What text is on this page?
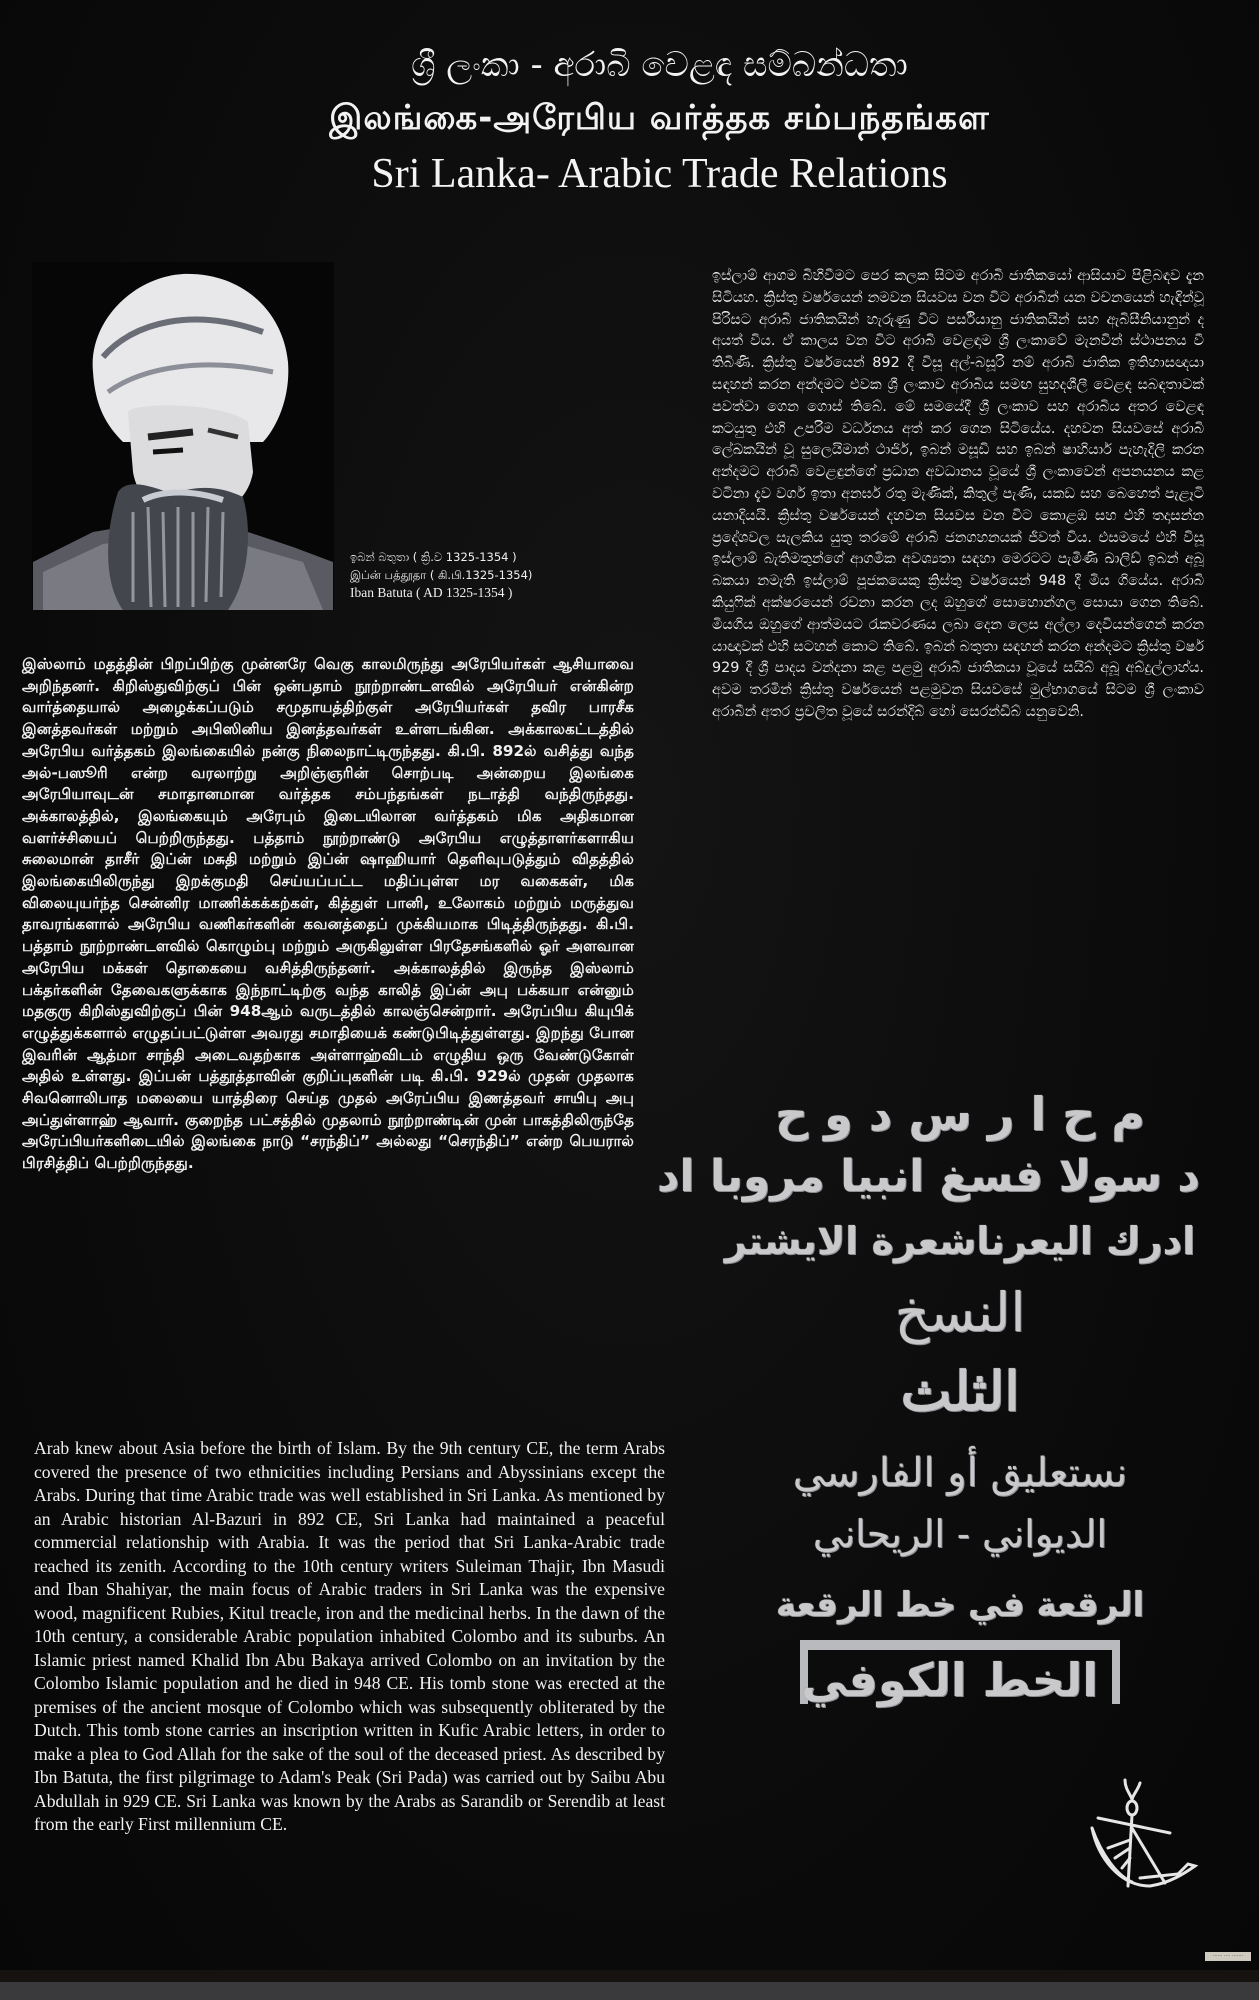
ශ්‍රී ලංකා - අරාබි වෙළඳ සම්බන්ධතා
இலங்கை-அரேபிய வர்த்தக சம்பந்தங்கள
Sri Lanka- Arabic Trade Relations
ඉබන් බතුතා ( ක්‍රි.ව 1325-1354 )
இப்ன் பத்தூதா ( கி.பி.1325-1354)
Iban Batuta ( AD 1325-1354 )
ඉස්ලාම් ආගම බිහිවීමට පෙර කලක සිටම අරාබි ජාතිකයෝ ආසියාව පිළිබඳව දැන සිටියහ. ක්‍රිස්තු වර්ෂයෙන් නමවන සියවස වන විට අරාබීන් යන වචනයෙන් හැඳින්වූ පිරිසට අරාබි ජාතිකයින් හැරුණු විට පර්සියානු ජාතිකයින් සහ ඇබිසීනියානුන් ද අයත් විය. ඒ කාලය වන විට අරාබි වෙළඳාම ශ්‍රී ලංකාවේ මැනවින් ස්ථාපනය වී තිබිණි. ක්‍රිස්තු වර්ෂයෙන් 892 දී විසූ අල්-බසූරි නම් අරාබි ජාතික ඉතිහාසඥයා සඳහන් කරන අන්දමට එවක ශ්‍රී ලංකාව අරාබිය සමඟ සුහදශීලී වෙළඳ සබඳතාවක් පවත්වා ගෙන ගොස් තිබේ. මේ සමයේදී ශ්‍රී ලංකාව සහ අරාබිය අතර වෙළඳ කටයුතු එහි උපරිම වර්ධනය අත් කර ගෙන සිටියේය. දහවන සියවසේ අරාබි ලේඛකයින් වූ සුලෙයිමාන් ථාජිර්, ඉබන් මසූඩි සහ ඉබන් ෂාහියාර් පැහැදිලි කරන අන්දමට අරාබි වෙළඳුන්ගේ ප්‍රධාන අවධානය වූයේ ශ්‍රී ලංකාවෙන් අපනයනය කළ වටිනා දැව වර්ග ඉතා අනර්ඝ රතු මැණික්, කිතුල් පැණි, යකඩ සහ බෙහෙත් පැළෑටි යනාදියයි. ක්‍රිස්තු වර්ෂයෙන් දහවන සියවස වන විට කොළඹ සහ එහි තදාසන්න ප්‍රදේශවල සැලකිය යුතු තරමේ අරාබි ජනගහනයක් ජීවත් විය. එසමයේ එහි විසූ ඉස්ලාම් බැතිමතුන්ගේ ආගමික අවශ්‍යතා සඳහා මෙරටට පැමිණි ඛාලිඩ් ඉබන් අබූ බකයා නමැති ඉස්ලාම් පූජකයෙකු ක්‍රිස්තු වර්ෂයෙන් 948 දී මිය ගියේය. අරාබි කියුෆික් අක්ෂරයෙන් රචනා කරන ලද ඔහුගේ සොහොන්ගල සොයා ගෙන තිබේ. මියගිය ඔහුගේ ආත්මයට රැකවරණය ලබා දෙන ලෙස අල්ලා දෙවියන්ගෙන් කරන යාඥාවක් එහි සටහන් කොට තිබේ. ඉබන් බතුතා සඳහන් කරන අන්දමට ක්‍රිස්තු වර්ෂ 929 දී ශ්‍රී පාදය වන්දනා කළ පළමු අරාබි ජාතිකයා වූයේ සයිබ් අබූ අබ්දුල්ලාහ්ය. අවම තරමින් ක්‍රිස්තු වර්ෂයෙන් පළමුවන සියවසේ මුල්භාගයේ සිටම ශ්‍රී ලංකාව අරාබීන් අතර ප්‍රචලිත වූයේ සරන්දිබ් හෝ සෙරන්ඩිබ් යනුවෙනි.
இஸ்லாம் மதத்தின் பிறப்பிற்கு முன்னரே வெகு காலமிருந்து அரேபியர்கள் ஆசியாவை அறிந்தனர். கிறிஸ்துவிற்குப் பின் ஒன்பதாம் நூற்றாண்டளவில் அரேபியர் என்கின்ற வார்த்தையால் அழைக்கப்படும் சமுதாயத்திற்குள் அரேபியர்கள் தவிர பாரசீக இனத்தவர்கள் மற்றும் அபிஸினிய இனத்தவர்கள் உள்ளடங்கின. அக்காலகட்டத்தில் அரேபிய வர்த்தகம் இலங்கையில் நன்கு நிலைநாட்டிருந்தது. கி.பி. 892ல் வசித்து வந்த அல்-பஸூரி என்ற வரலாற்று அறிஞ்ஞரின் சொற்படி அன்றைய இலங்கை அரேபியாவுடன் சமாதானமான வர்த்தக சம்பந்தங்கள் நடாத்தி வந்திருந்தது. அக்காலத்தில், இலங்கையும் அரேபும் இடையிலான வர்த்தகம் மிக அதிகமான வளர்ச்சியைப் பெற்றிருந்தது. பத்தாம் நூற்றாண்டு அரேபிய எழுத்தாளர்களாகிய சுலைமான் தாசீர் இப்ன் மசுதி மற்றும் இப்ன் ஷாஹியார் தெளிவுபடுத்தும் விதத்தில் இலங்கையிலிருந்து இறக்குமதி செய்யப்பட்ட மதிப்புள்ள மர வகைகள், மிக விலையுயர்ந்த சென்னிர மாணிக்கக்கற்கள், கித்துள் பானி, உலோகம் மற்றும் மருத்துவ தாவரங்களால் அரேபிய வணிகர்களின் கவனத்தைப் முக்கியமாக பிடித்திருந்தது. கி.பி. பத்தாம் நூற்றாண்டளவில் கொழும்பு மற்றும் அருகிலுள்ள பிரதேசங்களில் ஓர் அளவான அரேபிய மக்கள் தொகையை வசித்திருந்தனர். அக்காலத்தில் இருந்த இஸ்லாம் பக்தர்களின் தேவைகளுக்காக இந்நாட்டிற்கு வந்த காலித் இப்ன் அபு பக்கயா என்னும் மதகுரு கிறிஸ்துவிற்குப் பின் 948ஆம் வருடத்தில் காலஞ்சென்றார். அரேப்பிய கியுபிக் எழுத்துக்களால் எழுதப்பட்டுள்ள அவரது சமாதியைக் கண்டுபிடித்துள்ளது. இறந்து போன இவரின் ஆத்மா சாந்தி அடைவதற்காக அள்ளாஹ்விடம் எழுதிய ஒரு வேண்டுகோள் அதில் உள்ளது. இப்பன் பத்தூத்தாவின் குறிப்புகளின் படி கி.பி. 929ல் முதன் முதலாக சிவனொலிபாத மலையை யாத்திரை செய்த முதல் அரேப்பிய இணத்தவர் சாயிபு அபு அப்துள்ளாஹ் ஆவார். குறைந்த பட்சத்தில் முதலாம் நூற்றாண்டின் முன் பாகத்திலிருந்தே அரேப்பியர்களிடையில் இலங்கை நாடு “சரந்திப்” அல்லது “செரந்திப்” என்ற பெயரால் பிரசித்திப் பெற்றிருந்தது.
Arab knew about Asia before the birth of Islam. By the 9th century CE, the term Arabs covered the presence of two ethnicities including Persians and Abyssinians except the Arabs. During that time Arabic trade was well established in Sri Lanka. As mentioned by an Arabic historian Al-Bazuri in 892 CE, Sri Lanka had maintained a peaceful commercial relationship with Arabia. It was the period that Sri Lanka-Arabic trade reached its zenith. According to the 10th century writers Suleiman Thajir, Ibn Masudi and Iban Shahiyar, the main focus of Arabic traders in Sri Lanka was the expensive wood, magnificent Rubies, Kitul treacle, iron and the medicinal herbs. In the dawn of the 10th century, a considerable Arabic population inhabited Colombo and its suburbs. An Islamic priest named Khalid Ibn Abu Bakaya arrived Colombo on an invitation by the Colombo Islamic population and he died in 948 CE. His tomb stone was erected at the premises of the ancient mosque of Colombo which was subsequently obliterated by the Dutch. This tomb stone carries an inscription written in Kufic Arabic letters, in order to make a plea to God Allah for the sake of the soul of the deceased priest. As described by Ibn Batuta, the first pilgrimage to Adam's Peak (Sri Pada) was carried out by Saibu Abu Abdullah in 929 CE. Sri Lanka was known by the Arabs as Sarandib or Serendib at least from the early First millennium CE.
م ح ا ر س د و ح
د سولا فسغ انبيا مروبا اد
ادرك اليعرناشعرة الايشتر
النسخ
الثلث
نستعليق أو الفارسي
الديواني - الريحاني
الرقعة في خط الرقعة
الخط الكوفي
······ ···· ·······
